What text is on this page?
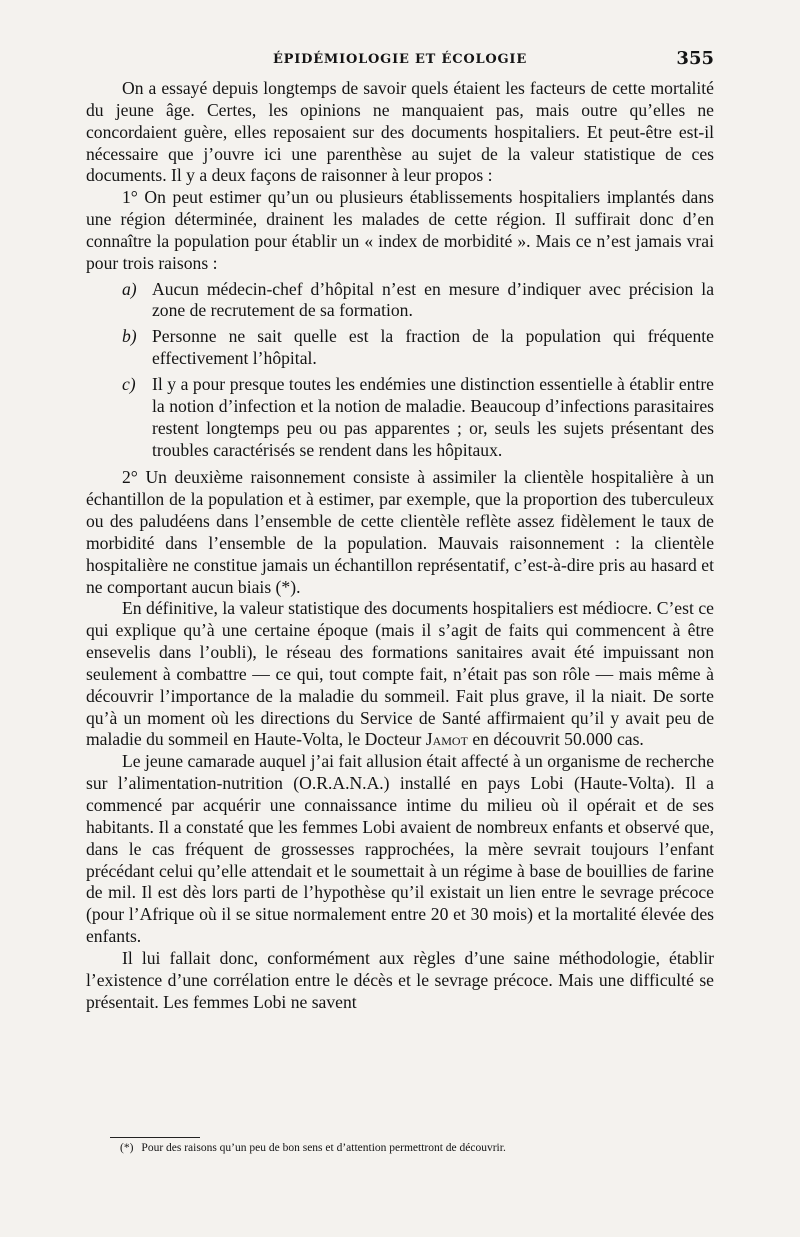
ÉPIDÉMIOLOGIE ET ÉCOLOGIE	355

On a essayé depuis longtemps de savoir quels étaient les facteurs de cette mortalité du jeune âge. Certes, les opinions ne manquaient pas, mais outre qu’elles ne concordaient guère, elles reposaient sur des documents hospitaliers. Et peut-être est-il nécessaire que j’ouvre ici une parenthèse au sujet de la valeur statistique de ces documents. Il y a deux façons de raisonner à leur propos :

1° On peut estimer qu’un ou plusieurs établissements hospitaliers implantés dans une région déterminée, drainent les malades de cette région. Il suffirait donc d’en connaître la population pour établir un « index de morbidité ». Mais ce n’est jamais vrai pour trois raisons :

a) Aucun médecin-chef d’hôpital n’est en mesure d’indiquer avec précision la zone de recrutement de sa formation.
b) Personne ne sait quelle est la fraction de la population qui fréquente effectivement l’hôpital.
c) Il y a pour presque toutes les endémies une distinction essentielle à établir entre la notion d’infection et la notion de maladie. Beaucoup d’infections parasitaires restent longtemps peu ou pas apparentes ; or, seuls les sujets présentant des troubles caractérisés se rendent dans les hôpitaux.

2° Un deuxième raisonnement consiste à assimiler la clientèle hospitalière à un échantillon de la population et à estimer, par exemple, que la proportion des tuberculeux ou des paludéens dans l’ensemble de cette clientèle reflète assez fidèlement le taux de morbidité dans l’ensemble de la population. Mauvais raisonnement : la clientèle hospitalière ne constitue jamais un échantillon représentatif, c’est-à-dire pris au hasard et ne comportant aucun biais (*).

En définitive, la valeur statistique des documents hospitaliers est médiocre. C’est ce qui explique qu’à une certaine époque (mais il s’agit de faits qui commencent à être ensevelis dans l’oubli), le réseau des formations sanitaires avait été impuissant non seulement à combattre — ce qui, tout compte fait, n’était pas son rôle — mais même à découvrir l’importance de la maladie du sommeil. Fait plus grave, il la niait. De sorte qu’à un moment où les directions du Service de Santé affirmaient qu’il y avait peu de maladie du sommeil en Haute-Volta, le Docteur Jamot en découvrit 50.000 cas.

Le jeune camarade auquel j’ai fait allusion était affecté à un organisme de recherche sur l’alimentation-nutrition (O.R.A.N.A.) installé en pays Lobi (Haute-Volta). Il a commencé par acquérir une connaissance intime du milieu où il opérait et de ses habitants. Il a constaté que les femmes Lobi avaient de nombreux enfants et observé que, dans le cas fréquent de grossesses rapprochées, la mère sevrait toujours l’enfant précédant celui qu’elle attendait et le soumettait à un régime à base de bouillies de farine de mil. Il est dès lors parti de l’hypothèse qu’il existait un lien entre le sevrage précoce (pour l’Afrique où il se situe normalement entre 20 et 30 mois) et la mortalité élevée des enfants.

Il lui fallait donc, conformément aux règles d’une saine méthodologie, établir l’existence d’une corrélation entre le décès et le sevrage précoce. Mais une difficulté se présentait. Les femmes Lobi ne savent

(*) Pour des raisons qu’un peu de bon sens et d’attention permettront de découvrir.
